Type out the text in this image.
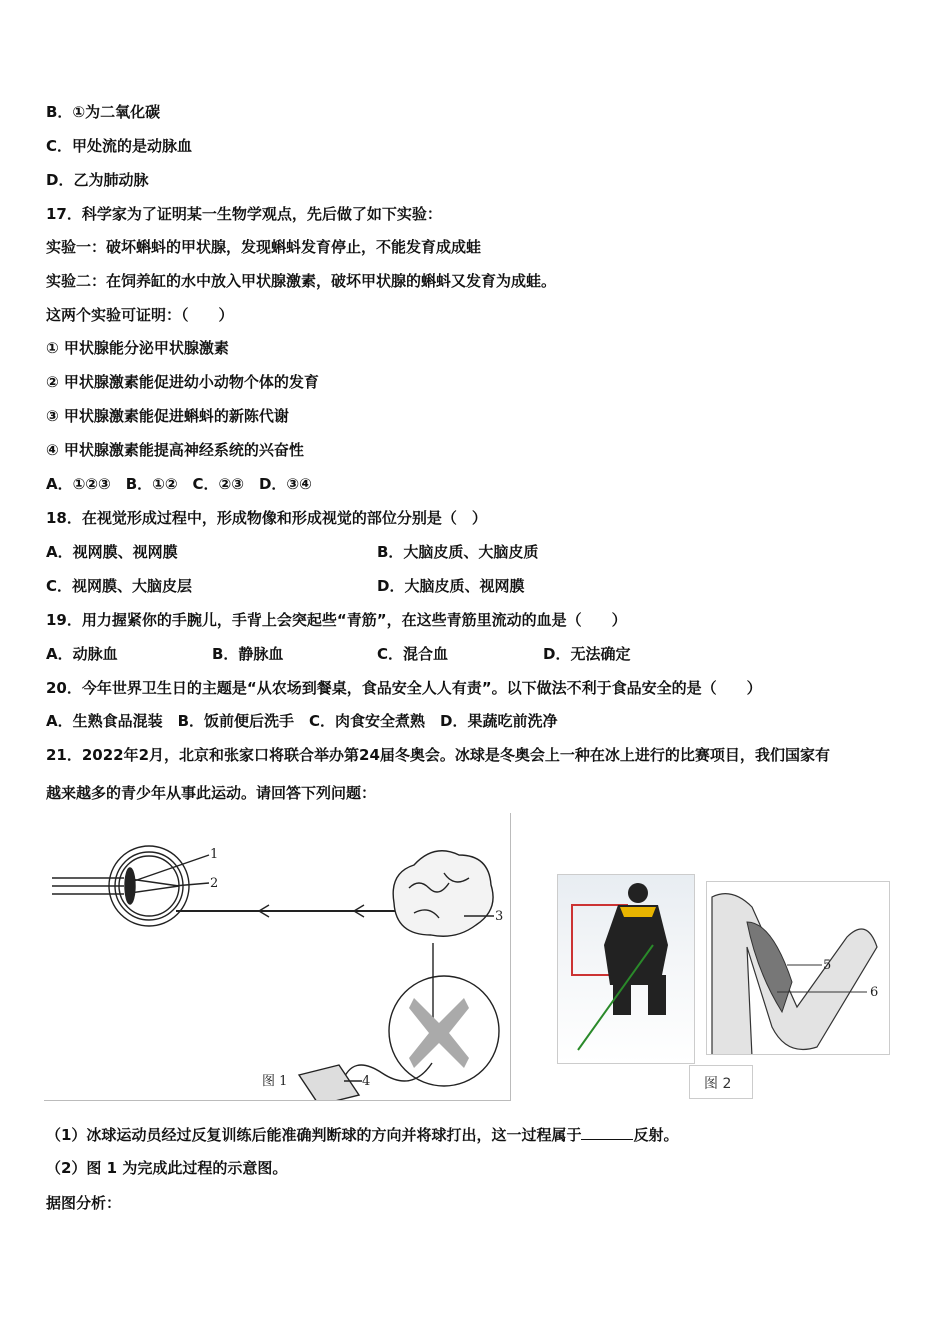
B．①为二氧化碳
C．甲处流的是动脉血
D．乙为肺动脉
17．科学家为了证明某一生物学观点，先后做了如下实验：
实验一：破坏蝌蚪的甲状腺，发现蝌蚪发育停止，不能发育成成蛙
实验二：在饲养缸的水中放入甲状腺激素，破坏甲状腺的蝌蚪又发育为成蛙。
这两个实验可证明：（　　）
① 甲状腺能分泌甲状腺激素
② 甲状腺激素能促进幼小动物个体的发育
③ 甲状腺激素能促进蝌蚪的新陈代谢
④ 甲状腺激素能提高神经系统的兴奋性
A．①②③　B．①②　C．②③　D．③④
18．在视觉形成过程中，形成物像和形成视觉的部位分别是（　）
A．视网膜、视网膜	B．大脑皮质、大脑皮质
C．视网膜、大脑皮层	D．大脑皮质、视网膜
19．用力握紧你的手腕儿，手背上会突起些“青筋”，在这些青筋里流动的血是（　　）
A．动脉血	B．静脉血	C．混合血	D．无法确定
20．今年世界卫生日的主题是“从农场到餐桌，食品安全人人有责”。以下做法不利于食品安全的是（　　）
A．生熟食品混装　B．饭前便后洗手　C．肉食安全煮熟　D．果蔬吃前洗净
21．2022年2月，北京和张家口将联合举办第24届冬奥会。冰球是冬奥会上一种在冰上进行的比赛项目，我们国家有
越来越多的青少年从事此运动。请回答下列问题：
1
2
3
4
图 1
5
6
图 2
（1）冰球运动员经过反复训练后能准确判断球的方向并将球打出，这一过程属于	反射。
（2）图 1 为完成此过程的示意图。
据图分析：
